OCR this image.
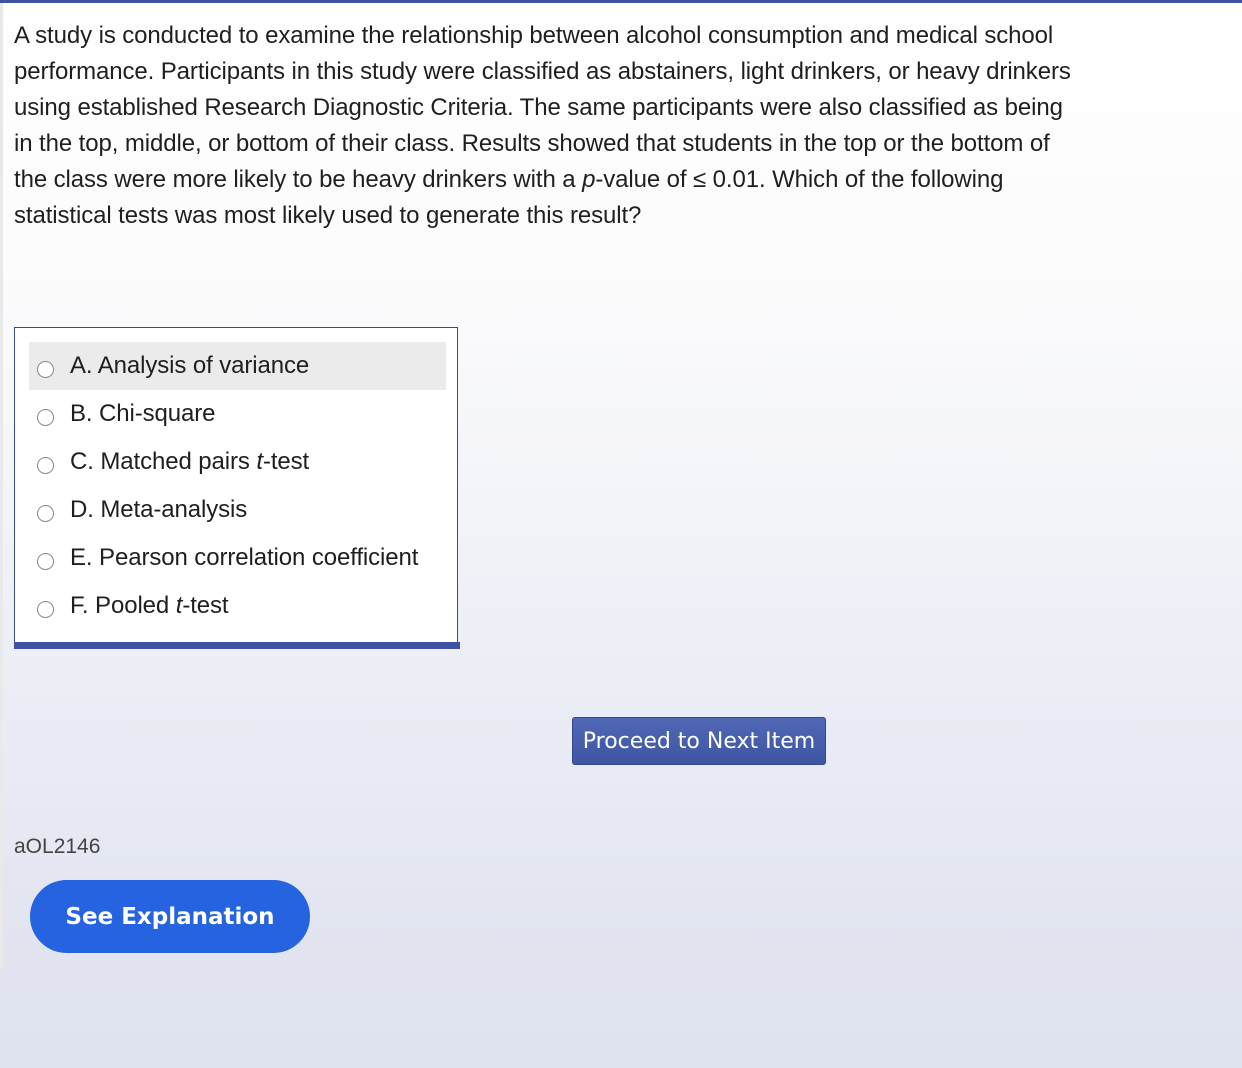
A study is conducted to examine the relationship between alcohol consumption and medical school performance. Participants in this study were classified as abstainers, light drinkers, or heavy drinkers using established Research Diagnostic Criteria. The same participants were also classified as being in the top, middle, or bottom of their class. Results showed that students in the top or the bottom of the class were more likely to be heavy drinkers with a p-value of ≤ 0.01. Which of the following statistical tests was most likely used to generate this result?
A. Analysis of variance
B. Chi-square
C. Matched pairs t-test
D. Meta-analysis
E. Pearson correlation coefficient
F. Pooled t-test
Proceed to Next Item
aOL2146
See Explanation
